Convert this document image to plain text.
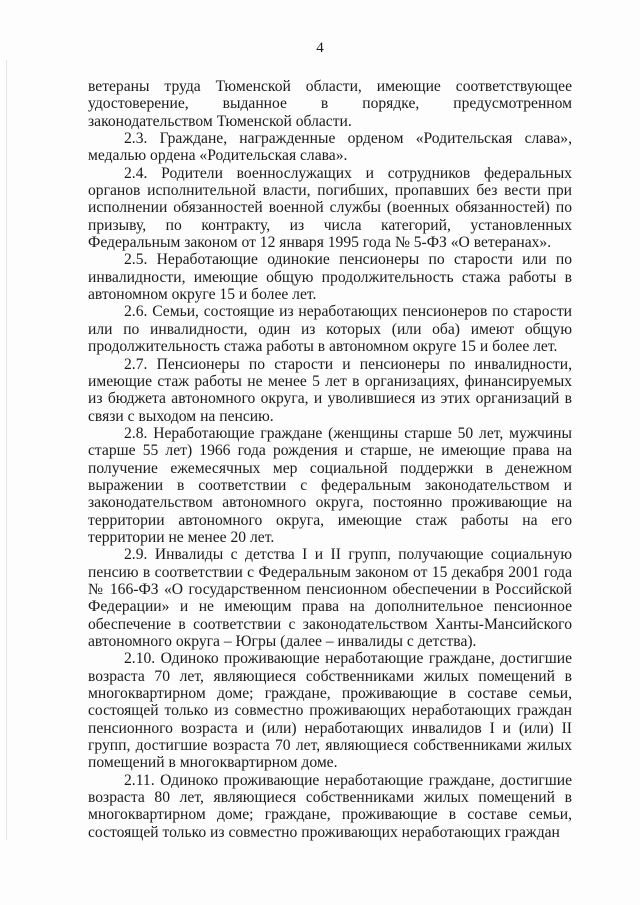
4

ветераны труда Тюменской области, имеющие соответствующее удостоверение, выданное в порядке, предусмотренном законодательством Тюменской области.

2.3. Граждане, награжденные орденом «Родительская слава», медалью ордена «Родительская слава».

2.4. Родители военнослужащих и сотрудников федеральных органов исполнительной власти, погибших, пропавших без вести при исполнении обязанностей военной службы (военных обязанностей) по призыву, по контракту, из числа категорий, установленных Федеральным законом от 12 января 1995 года № 5-ФЗ «О ветеранах».

2.5. Неработающие одинокие пенсионеры по старости или по инвалидности, имеющие общую продолжительность стажа работы в автономном округе 15 и более лет.

2.6. Семьи, состоящие из неработающих пенсионеров по старости или по инвалидности, один из которых (или оба) имеют общую продолжительность стажа работы в автономном округе 15 и более лет.

2.7. Пенсионеры по старости и пенсионеры по инвалидности, имеющие стаж работы не менее 5 лет в организациях, финансируемых из бюджета автономного округа, и уволившиеся из этих организаций в связи с выходом на пенсию.

2.8. Неработающие граждане (женщины старше 50 лет, мужчины старше 55 лет) 1966 года рождения и старше, не имеющие права на получение ежемесячных мер социальной поддержки в денежном выражении в соответствии с федеральным законодательством и законодательством автономного округа, постоянно проживающие на территории автономного округа, имеющие стаж работы на его территории не менее 20 лет.

2.9. Инвалиды с детства I и II групп, получающие социальную пенсию в соответствии с Федеральным законом от 15 декабря 2001 года № 166-ФЗ «О государственном пенсионном обеспечении в Российской Федерации» и не имеющим права на дополнительное пенсионное обеспечение в соответствии с законодательством Ханты-Мансийского автономного округа – Югры (далее – инвалиды с детства).

2.10. Одиноко проживающие неработающие граждане, достигшие возраста 70 лет, являющиеся собственниками жилых помещений в многоквартирном доме; граждане, проживающие в составе семьи, состоящей только из совместно проживающих неработающих граждан пенсионного возраста и (или) неработающих инвалидов I и (или) II групп, достигшие возраста 70 лет, являющиеся собственниками жилых помещений в многоквартирном доме.

2.11. Одиноко проживающие неработающие граждане, достигшие возраста 80 лет, являющиеся собственниками жилых помещений в многоквартирном доме; граждане, проживающие в составе семьи, состоящей только из совместно проживающих неработающих граждан
